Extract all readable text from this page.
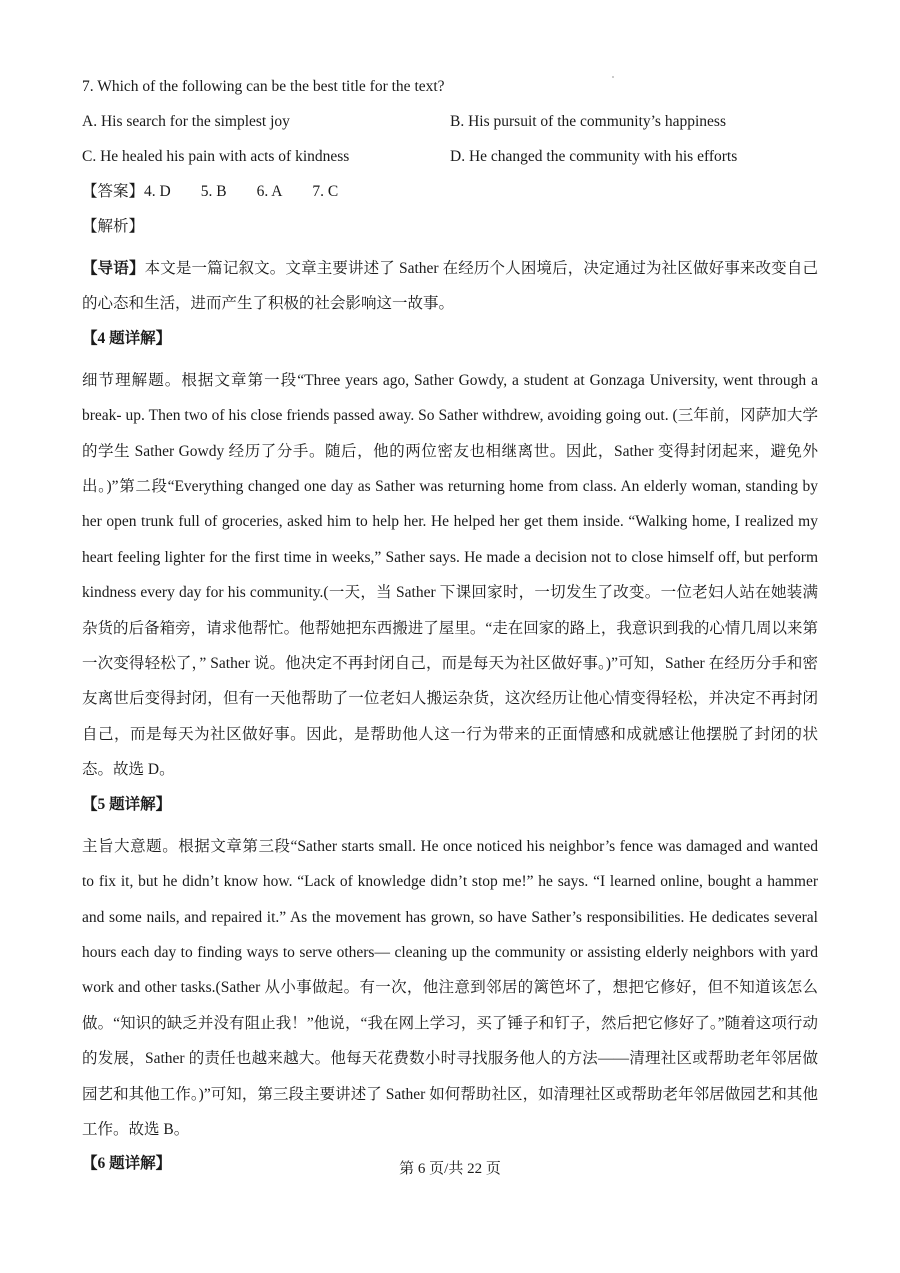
7. Which of the following can be the best title for the text?
A. His search for the simplest joy	B. His pursuit of the community’s happiness
C. He healed his pain with acts of kindness	D. He changed the community with his efforts
【答案】4. D 5. B 6. A 7. C
【解析】
【导语】本文是一篇记叙文。文章主要讲述了 Sather 在经历个人困境后，决定通过为社区做好事来改变自己的心态和生活，进而产生了积极的社会影响这一故事。
【4 题详解】
细节理解题。根据文章第一段“Three years ago, Sather Gowdy, a student at Gonzaga University, went through a break- up. Then two of his close friends passed away. So Sather withdrew, avoiding going out. (三年前，冈萨加大学的学生 Sather Gowdy 经历了分手。随后，他的两位密友也相继离世。因此，Sather 变得封闭起来，避免外出。)”第二段“Everything changed one day as Sather was returning home from class. An elderly woman, standing by her open trunk full of groceries, asked him to help her. He helped her get them inside. “Walking home, I realized my heart feeling lighter for the first time in weeks,” Sather says. He made a decision not to close himself off, but perform kindness every day for his community.(一天，当 Sather 下课回家时，一切发生了改变。一位老妇人站在她装满杂货的后备箱旁，请求他帮忙。他帮她把东西搬进了屋里。“走在回家的路上，我意识到我的心情几周以来第一次变得轻松了，” Sather 说。他决定不再封闭自己，而是每天为社区做好事。)”可知，Sather 在经历分手和密友离世后变得封闭，但有一天他帮助了一位老妇人搬运杂货，这次经历让他心情变得轻松，并决定不再封闭自己，而是每天为社区做好事。因此，是帮助他人这一行为带来的正面情感和成就感让他摆脱了封闭的状态。故选 D。
【5 题详解】
主旨大意题。根据文章第三段“Sather starts small. He once noticed his neighbor’s fence was damaged and wanted to fix it, but he didn’t know how. “Lack of knowledge didn’t stop me!” he says. “I learned online, bought a hammer and some nails, and repaired it.” As the movement has grown, so have Sather’s responsibilities. He dedicates several hours each day to finding ways to serve others— cleaning up the community or assisting elderly neighbors with yard work and other tasks.(Sather 从小事做起。有一次，他注意到邻居的篱笆坏了，想把它修好，但不知道该怎么做。“知识的缺乏并没有阻止我！”他说，“我在网上学习，买了锤子和钉子，然后把它修好了。”随着这项行动的发展，Sather 的责任也越来越大。他每天花费数小时寻找服务他人的方法——清理社区或帮助老年邻居做园艺和其他工作。)”可知，第三段主要讲述了 Sather 如何帮助社区，如清理社区或帮助老年邻居做园艺和其他工作。故选 B。
【6 题详解】	第 6 页/共 22 页
